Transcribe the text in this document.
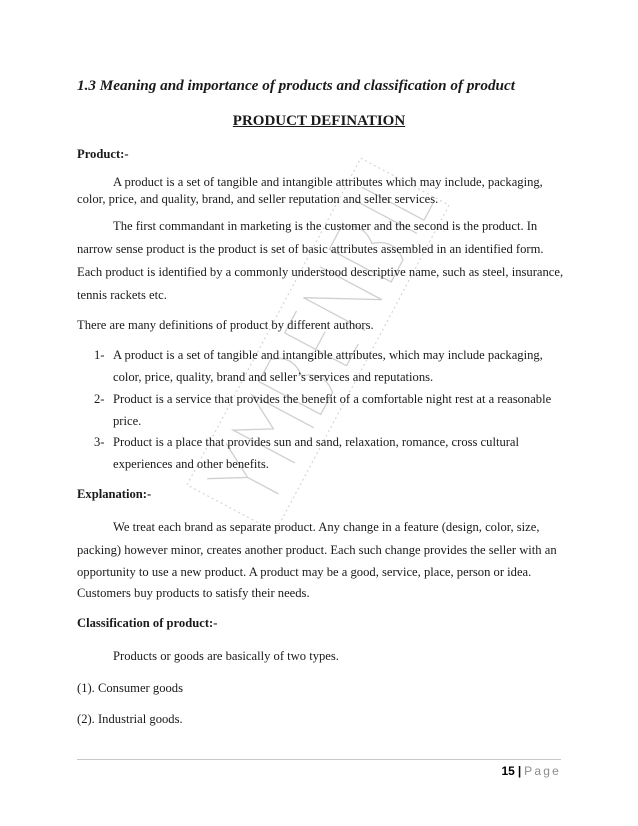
1.3 Meaning and importance of products and classification of product
PRODUCT DEFINATION
Product:-
A product is a set of tangible and intangible attributes which may include, packaging,
color, price, and quality, brand, and seller reputation and seller services.
The first commandant in marketing is the customer and the second is the product. In
narrow sense product is the product is set of basic attributes assembled in an identified form.
Each product is identified by a commonly understood descriptive name, such as steel, insurance,
tennis rackets etc.
There are many definitions of product by different authors.
1- A product is a set of tangible and intangible attributes, which may include packaging,
color, price, quality, brand and seller’s services and reputations.
2- Product is a service that provides the benefit of a comfortable night rest at a reasonable
price.
3- Product is a place that provides sun and sand, relaxation, romance, cross cultural
experiences and other benefits.
Explanation:-
We treat each brand as separate product. Any change in a feature (design, color, size,
packing) however minor, creates another product. Each such change provides the seller with an
opportunity to use a new product. A product may be a good, service, place, person or idea.
Customers buy products to satisfy their needs.
Classification of product:-
Products or goods are basically of two types.
(1). Consumer goods
(2). Industrial goods.
15 | Page
